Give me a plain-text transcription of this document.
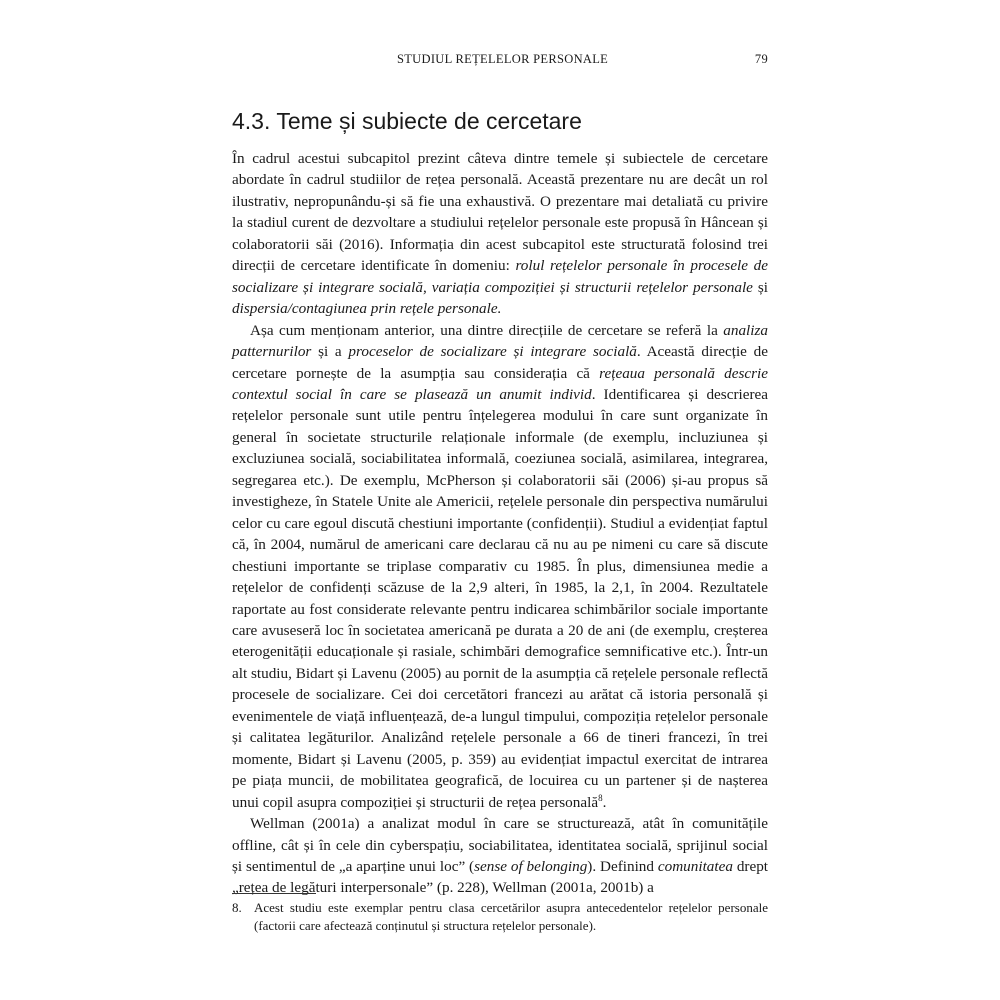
STUDIUL REȚELELOR PERSONALE	79
4.3. Teme și subiecte de cercetare

În cadrul acestui subcapitol prezint câteva dintre temele și subiectele de cercetare abordate în cadrul studiilor de rețea personală. Această prezentare nu are decât un rol ilustrativ, nepropunându-și să fie una exhaustivă. O prezentare mai detaliată cu privire la stadiul curent de dezvoltare a studiului rețelelor personale este propusă în Hâncean și colaboratorii săi (2016). Informația din acest subcapitol este structurată folosind trei direcții de cercetare identificate în domeniu: rolul rețelelor personale în procesele de socializare și integrare socială, variația compoziției și structurii rețelelor personale și dispersia/contagiunea prin rețele personale.

Așa cum menționam anterior, una dintre direcțiile de cercetare se referă la analiza patternurilor și a proceselor de socializare și integrare socială. Această direcție de cercetare pornește de la asumpția sau considerația că rețeaua personală descrie contextul social în care se plasează un anumit individ. Identificarea și descrierea rețelelor personale sunt utile pentru înțelegerea modului în care sunt organizate în general în societate structurile relaționale informale (de exemplu, incluziunea și excluziunea socială, sociabilitatea informală, coeziunea socială, asimilarea, integrarea, segregarea etc.). De exemplu, McPherson și colaboratorii săi (2006) și-au propus să investigheze, în Statele Unite ale Americii, rețelele personale din perspectiva numărului celor cu care egoul discută chestiuni importante (confidenții). Studiul a evidențiat faptul că, în 2004, numărul de americani care declarau că nu au pe nimeni cu care să discute chestiuni importante se triplase comparativ cu 1985. În plus, dimensiunea medie a rețelelor de confidenți scăzuse de la 2,9 alteri, în 1985, la 2,1, în 2004. Rezultatele raportate au fost considerate relevante pentru indicarea schimbărilor sociale importante care avuseseră loc în societatea americană pe durata a 20 de ani (de exemplu, creșterea eterogenității educaționale și rasiale, schimbări demografice semnificative etc.). Într-un alt studiu, Bidart și Lavenu (2005) au pornit de la asumpția că rețelele personale reflectă procesele de socializare. Cei doi cercetători francezi au arătat că istoria personală și evenimentele de viață influențează, de-a lungul timpului, compoziția rețelelor personale și calitatea legăturilor. Analizând rețelele personale a 66 de tineri francezi, în trei momente, Bidart și Lavenu (2005, p. 359) au evidențiat impactul exercitat de intrarea pe piața muncii, de mobilitatea geografică, de locuirea cu un partener și de nașterea unui copil asupra compoziției și structurii de rețea personală$^8$.

Wellman (2001a) a analizat modul în care se structurează, atât în comunitățile offline, cât și în cele din cyberspațiu, sociabilitatea, identitatea socială, sprijinul social și sentimentul de „a aparține unui loc” (sense of belonging). Definind comunitatea drept „rețea de legături interpersonale” (p. 228), Wellman (2001a, 2001b) a

8. Acest studiu este exemplar pentru clasa cercetărilor asupra antecedentelor rețelelor personale (factorii care afectează conținutul și structura rețelelor personale).
